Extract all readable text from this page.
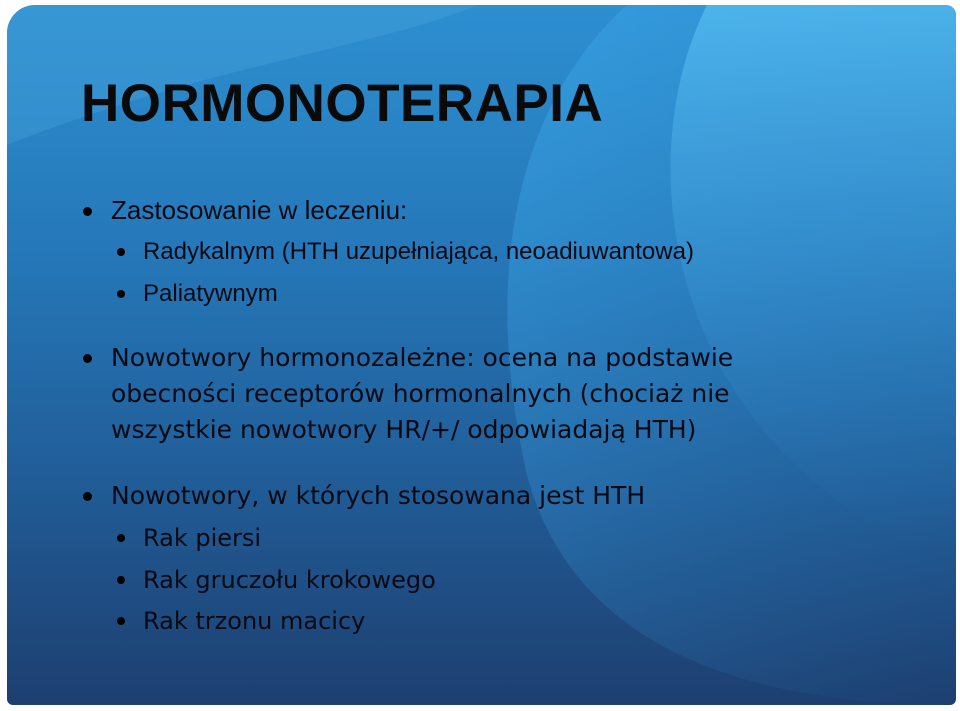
HORMONOTERAPIA
Zastosowanie w leczeniu:
Radykalnym (HTH uzupełniająca, neoadiuwantowa)
Paliatywnym
Nowotwory hormonozależne: ocena na podstawie
obecności receptorów hormonalnych (chociaż nie
wszystkie nowotwory HR/+/ odpowiadają HTH)
Nowotwory, w których stosowana jest HTH
Rak piersi
Rak gruczołu krokowego
Rak trzonu macicy
